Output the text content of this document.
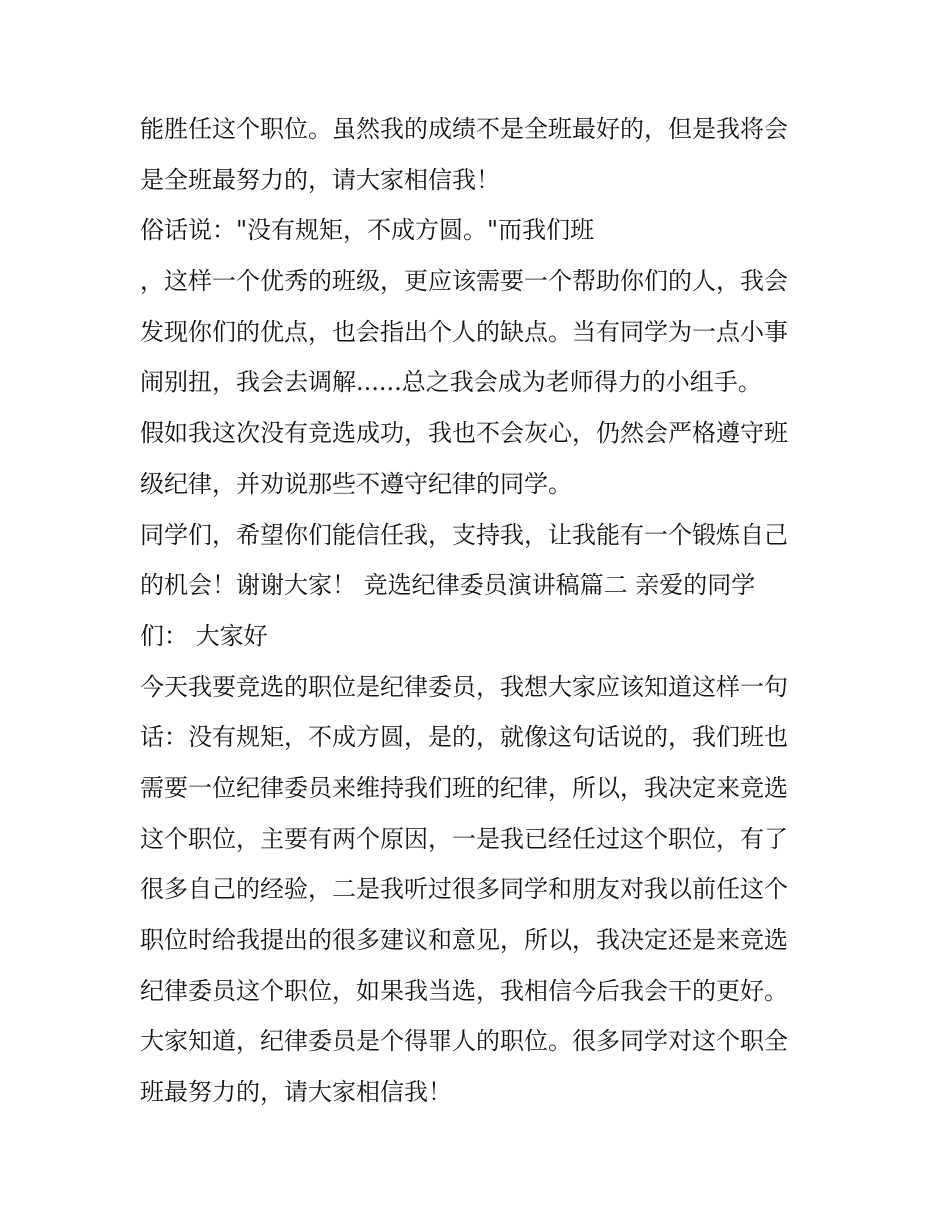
能胜任这个职位。虽然我的成绩不是全班最好的，但是我将会
是全班最努力的，请大家相信我！
俗话说："没有规矩，不成方圆。"而我们班
，这样一个优秀的班级，更应该需要一个帮助你们的人，我会
发现你们的优点，也会指出个人的缺点。当有同学为一点小事
闹别扭，我会去调解......总之我会成为老师得力的小组手。
假如我这次没有竞选成功，我也不会灰心，仍然会严格遵守班
级纪律，并劝说那些不遵守纪律的同学。
同学们，希望你们能信任我，支持我，让我能有一个锻炼自己
的机会！谢谢大家！ 竞选纪律委员演讲稿篇二 亲爱的同学
们： 大家好
今天我要竞选的职位是纪律委员，我想大家应该知道这样一句
话：没有规矩，不成方圆，是的，就像这句话说的，我们班也
需要一位纪律委员来维持我们班的纪律，所以，我决定来竞选
这个职位，主要有两个原因，一是我已经任过这个职位，有了
很多自己的经验，二是我听过很多同学和朋友对我以前任这个
职位时给我提出的很多建议和意见，所以，我决定还是来竞选
纪律委员这个职位，如果我当选，我相信今后我会干的更好。
大家知道，纪律委员是个得罪人的职位。很多同学对这个职全
班最努力的，请大家相信我！
